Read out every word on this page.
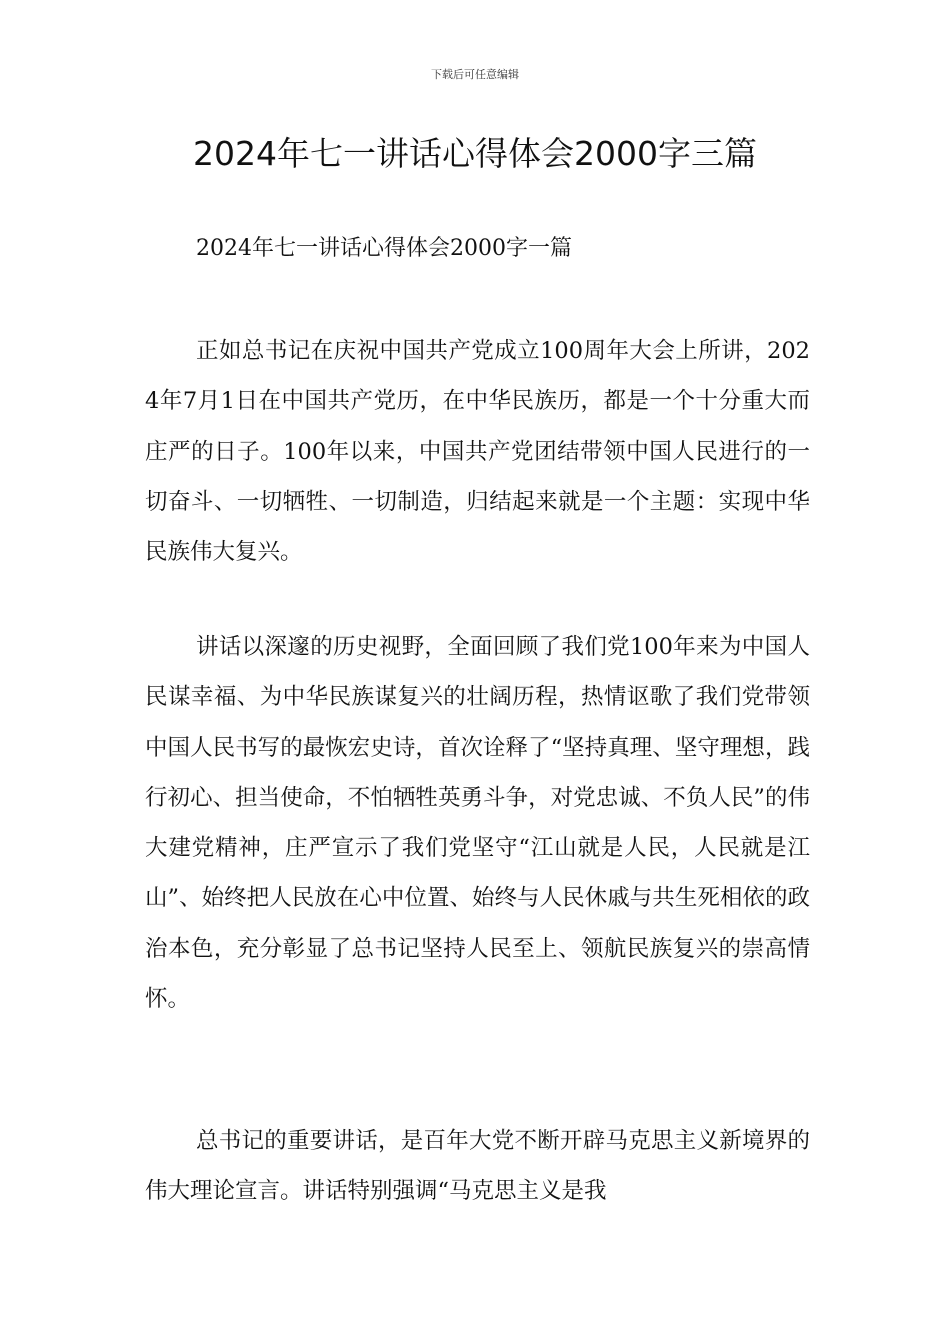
下载后可任意编辑
2024年七一讲话心得体会2000字三篇

2024年七一讲话心得体会2000字一篇

正如总书记在庆祝中国共产党成立100周年大会上所讲，2024年7月1日在中国共产党历，在中华民族历，都是一个十分重大而庄严的日子。100年以来，中国共产党团结带领中国人民进行的一切奋斗、一切牺牲、一切制造，归结起来就是一个主题：实现中华民族伟大复兴。

讲话以深邃的历史视野，全面回顾了我们党100年来为中国人民谋幸福、为中华民族谋复兴的壮阔历程，热情讴歌了我们党带领中国人民书写的最恢宏史诗，首次诠释了“坚持真理、坚守理想，践行初心、担当使命，不怕牺牲英勇斗争，对党忠诚、不负人民”的伟大建党精神，庄严宣示了我们党坚守“江山就是人民，人民就是江山”、始终把人民放在心中位置、始终与人民休戚与共生死相依的政治本色，充分彰显了总书记坚持人民至上、领航民族复兴的崇高情怀。

总书记的重要讲话，是百年大党不断开辟马克思主义新境界的伟大理论宣言。讲话特别强调“马克思主义是我
